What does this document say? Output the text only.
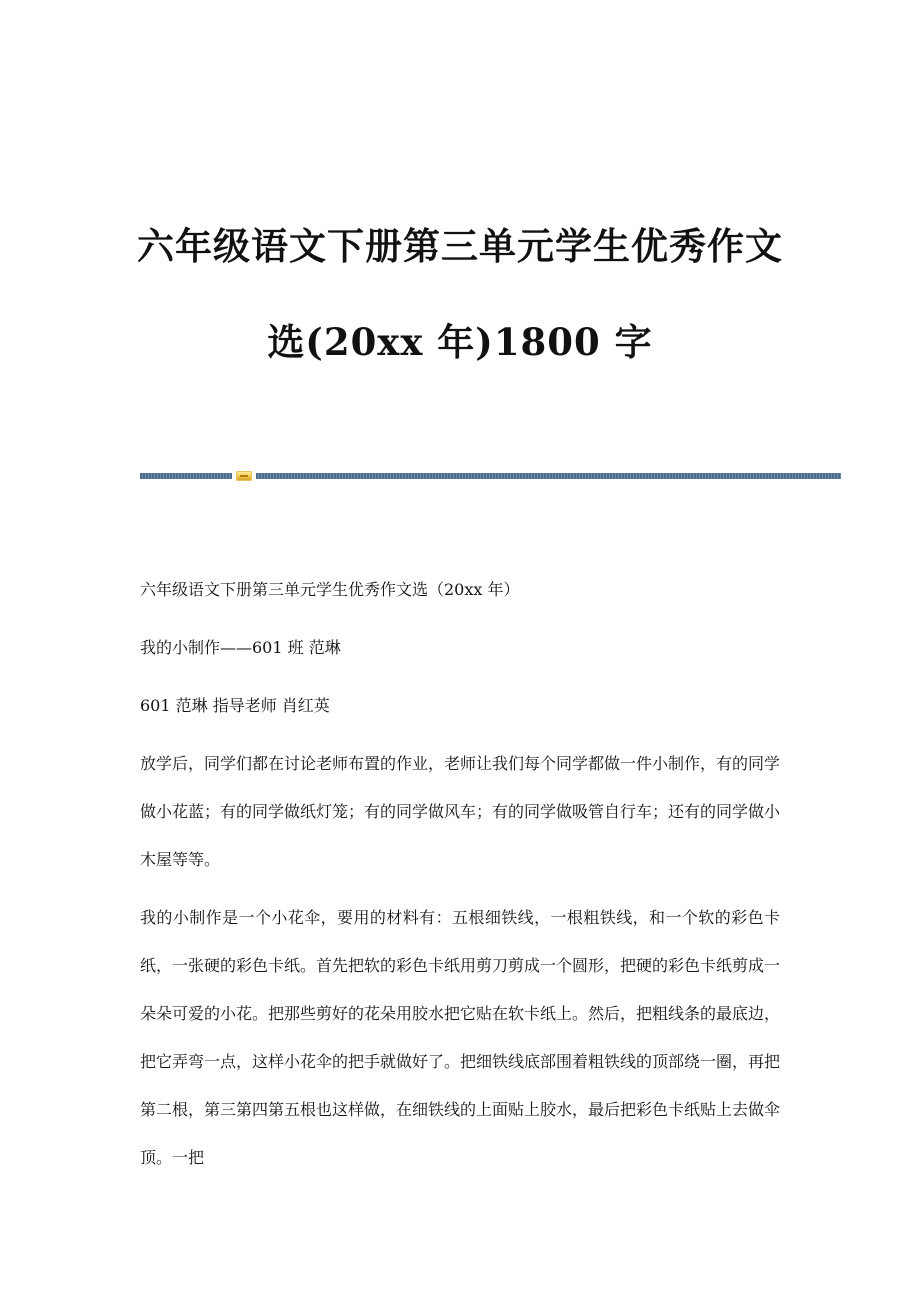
六年级语文下册第三单元学生优秀作文
选(20xx 年)1800 字

六年级语文下册第三单元学生优秀作文选（20xx 年）

我的小制作——601 班 范琳

601 范琳 指导老师 肖红英

放学后，同学们都在讨论老师布置的作业，老师让我们每个同学都做一件小制作，有的同学做小花蓝；有的同学做纸灯笼；有的同学做风车；有的同学做吸管自行车；还有的同学做小木屋等等。

我的小制作是一个小花伞，要用的材料有：五根细铁线，一根粗铁线，和一个软的彩色卡纸，一张硬的彩色卡纸。首先把软的彩色卡纸用剪刀剪成一个圆形，把硬的彩色卡纸剪成一朵朵可爱的小花。把那些剪好的花朵用胶水把它贴在软卡纸上。然后，把粗线条的最底边，把它弄弯一点，这样小花伞的把手就做好了。把细铁线底部围着粗铁线的顶部绕一圈，再把第二根，第三第四第五根也这样做，在细铁线的上面贴上胶水，最后把彩色卡纸贴上去做伞顶。一把
